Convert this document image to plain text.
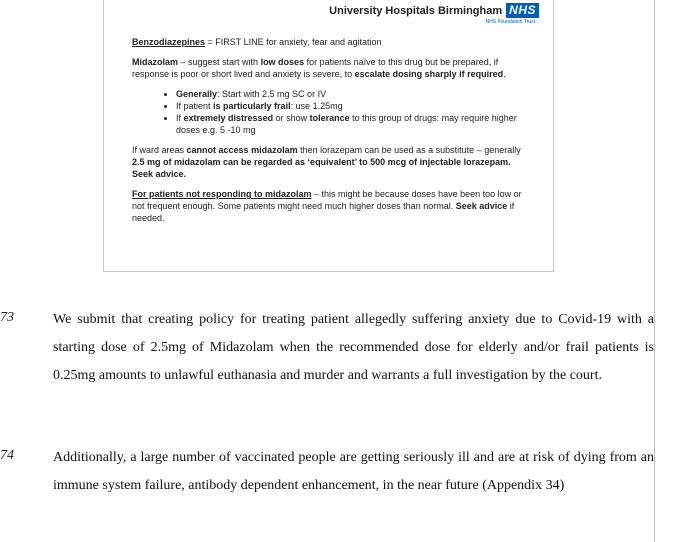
University Hospitals Birmingham NHS
NHS Foundation Trust

Benzodiazepines = FIRST LINE for anxiety, fear and agitation

Midazolam – suggest start with low doses for patients naïve to this drug but be prepared, if response is poor or short lived and anxiety is severe, to escalate dosing sharply if required.

• Generally: Start with 2.5 mg SC or IV
• If patient is particularly frail: use 1.25mg
• If extremely distressed or show tolerance to this group of drugs: may require higher doses e.g. 5 -10 mg

If ward areas cannot access midazolam then lorazepam can be used as a substitute – generally 2.5 mg of midazolam can be regarded as ‘equivalent’ to 500 mcg of injectable lorazepam.
Seek advice.

For patients not responding to midazolam – this might be because doses have been too low or not frequent enough. Some patients might need much higher doses than normal. Seek advice if needed.

73	We submit that creating policy for treating patient allegedly suffering anxiety due to Covid-19 with a starting dose of 2.5mg of Midazolam when the recommended dose for elderly and/or frail patients is 0.25mg amounts to unlawful euthanasia and murder and warrants a full investigation by the court.
74	Additionally, a large number of vaccinated people are getting seriously ill and are at risk of dying from an immune system failure, antibody dependent enhancement, in the near future (Appendix 34)
